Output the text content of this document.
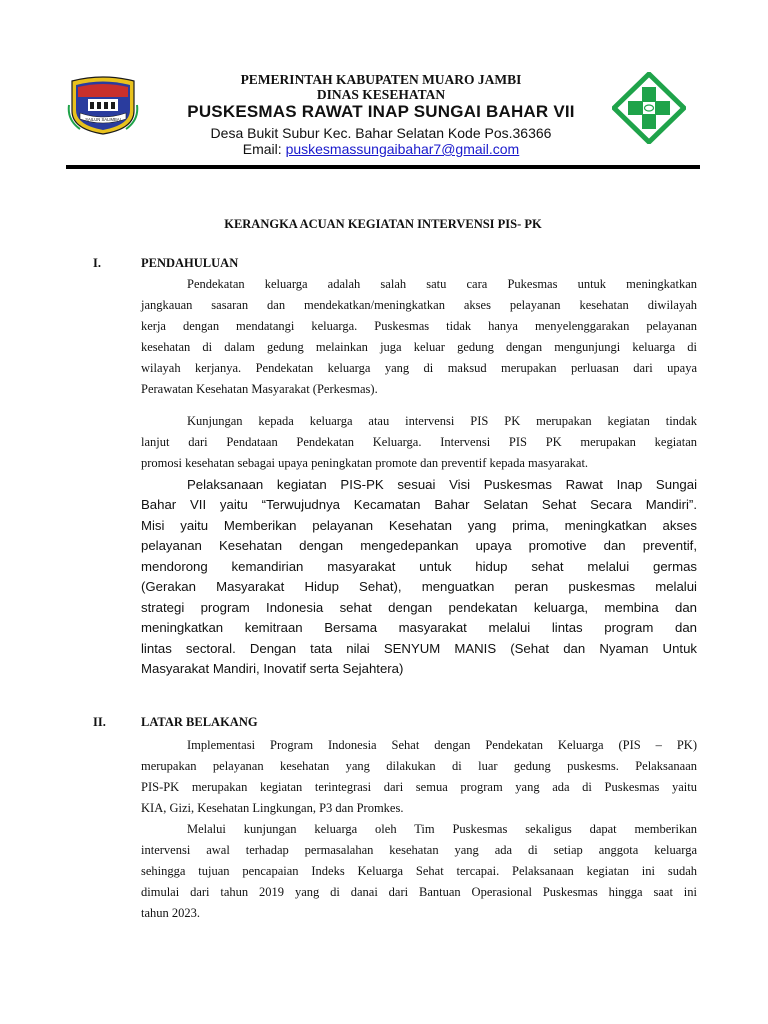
SAILUN SALIMBAI
PEMERINTAH KABUPATEN MUARO JAMBI
DINAS KESEHATAN
PUSKESMAS RAWAT INAP SUNGAI BAHAR VII
Desa Bukit Subur Kec. Bahar Selatan Kode Pos.36366
Email: puskesmassungaibahar7@gmail.com
KERANGKA ACUAN KEGIATAN INTERVENSI PIS- PK
I.	PENDAHULUAN
Pendekatan keluarga adalah salah satu cara Pukesmas untuk meningkatkan
jangkauan sasaran dan mendekatkan/meningkatkan akses pelayanan kesehatan diwilayah
kerja dengan mendatangi keluarga. Puskesmas tidak hanya menyelenggarakan pelayanan
kesehatan di dalam gedung melainkan juga keluar gedung dengan mengunjungi keluarga di
wilayah kerjanya. Pendekatan keluarga yang di maksud merupakan perluasan dari upaya
Perawatan Kesehatan Masyarakat (Perkesmas).
Kunjungan kepada keluarga atau intervensi PIS PK merupakan kegiatan tindak
lanjut dari Pendataan Pendekatan Keluarga. Intervensi PIS PK merupakan kegiatan
promosi kesehatan sebagai upaya peningkatan promote dan preventif kepada masyarakat.
Pelaksanaan kegiatan PIS-PK sesuai Visi Puskesmas Rawat Inap Sungai
Bahar VII yaitu “Terwujudnya Kecamatan Bahar Selatan Sehat Secara Mandiri”.
Misi yaitu Memberikan pelayanan Kesehatan yang prima, meningkatkan akses
pelayanan Kesehatan dengan mengedepankan upaya promotive dan preventif,
mendorong kemandirian masyarakat untuk hidup sehat melalui germas
(Gerakan Masyarakat Hidup Sehat), menguatkan peran puskesmas melalui
strategi program Indonesia sehat dengan pendekatan keluarga, membina dan
meningkatkan kemitraan Bersama masyarakat melalui lintas program dan
lintas sectoral. Dengan tata nilai SENYUM MANIS (Sehat dan Nyaman Untuk
Masyarakat Mandiri, Inovatif serta Sejahtera)
II.	LATAR BELAKANG
Implementasi Program Indonesia Sehat dengan Pendekatan Keluarga (PIS – PK)
merupakan pelayanan kesehatan yang dilakukan di luar gedung puskesms. Pelaksanaan
PIS-PK merupakan kegiatan terintegrasi dari semua program yang ada di Puskesmas yaitu
KIA, Gizi, Kesehatan Lingkungan, P3 dan Promkes.
Melalui kunjungan keluarga oleh Tim Puskesmas sekaligus dapat memberikan
intervensi awal terhadap permasalahan kesehatan yang ada di setiap anggota keluarga
sehingga tujuan pencapaian Indeks Keluarga Sehat tercapai. Pelaksanaan kegiatan ini sudah
dimulai dari tahun 2019 yang di danai dari Bantuan Operasional Puskesmas hingga saat ini
tahun 2023.
